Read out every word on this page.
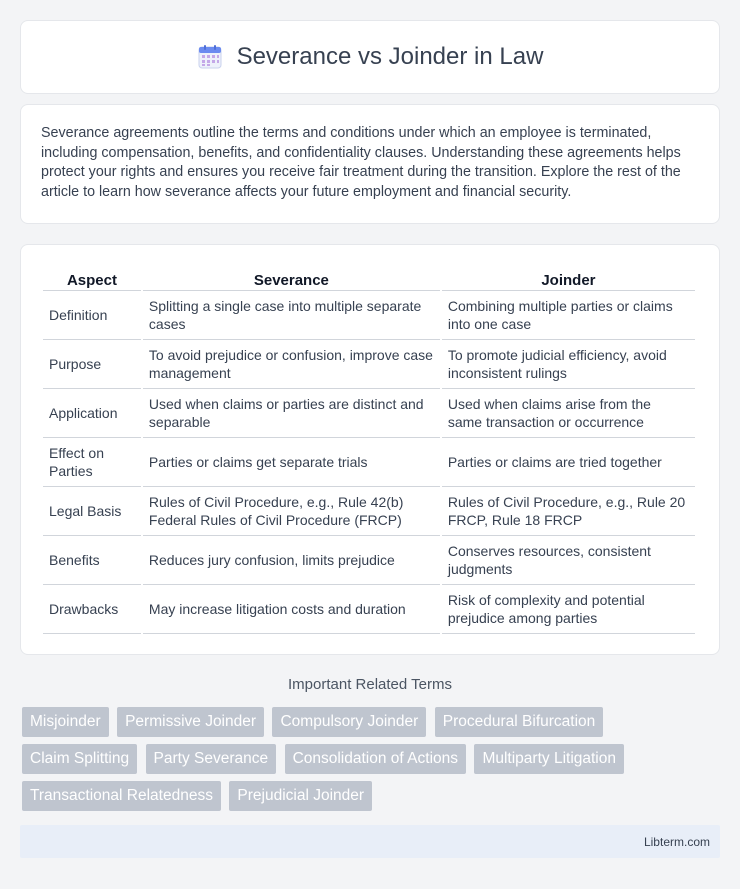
Severance vs Joinder in Law

Severance agreements outline the terms and conditions under which an employee is terminated, including compensation, benefits, and confidentiality clauses. Understanding these agreements helps protect your rights and ensures you receive fair treatment during the transition. Explore the rest of the article to learn how severance affects your future employment and financial security.

Aspect	Severance	Joinder
Definition	Splitting a single case into multiple separate cases	Combining multiple parties or claims into one case
Purpose	To avoid prejudice or confusion, improve case management	To promote judicial efficiency, avoid inconsistent rulings
Application	Used when claims or parties are distinct and separable	Used when claims arise from the same transaction or occurrence
Effect on Parties	Parties or claims get separate trials	Parties or claims are tried together
Legal Basis	Rules of Civil Procedure, e.g., Rule 42(b) Federal Rules of Civil Procedure (FRCP)	Rules of Civil Procedure, e.g., Rule 20 FRCP, Rule 18 FRCP
Benefits	Reduces jury confusion, limits prejudice	Conserves resources, consistent judgments
Drawbacks	May increase litigation costs and duration	Risk of complexity and potential prejudice among parties
Important Related Terms
Misjoinder Permissive Joinder Compulsory Joinder Procedural Bifurcation Claim Splitting Party Severance Consolidation of Actions Multiparty Litigation Transactional Relatedness Prejudicial Joinder
Libterm.com
